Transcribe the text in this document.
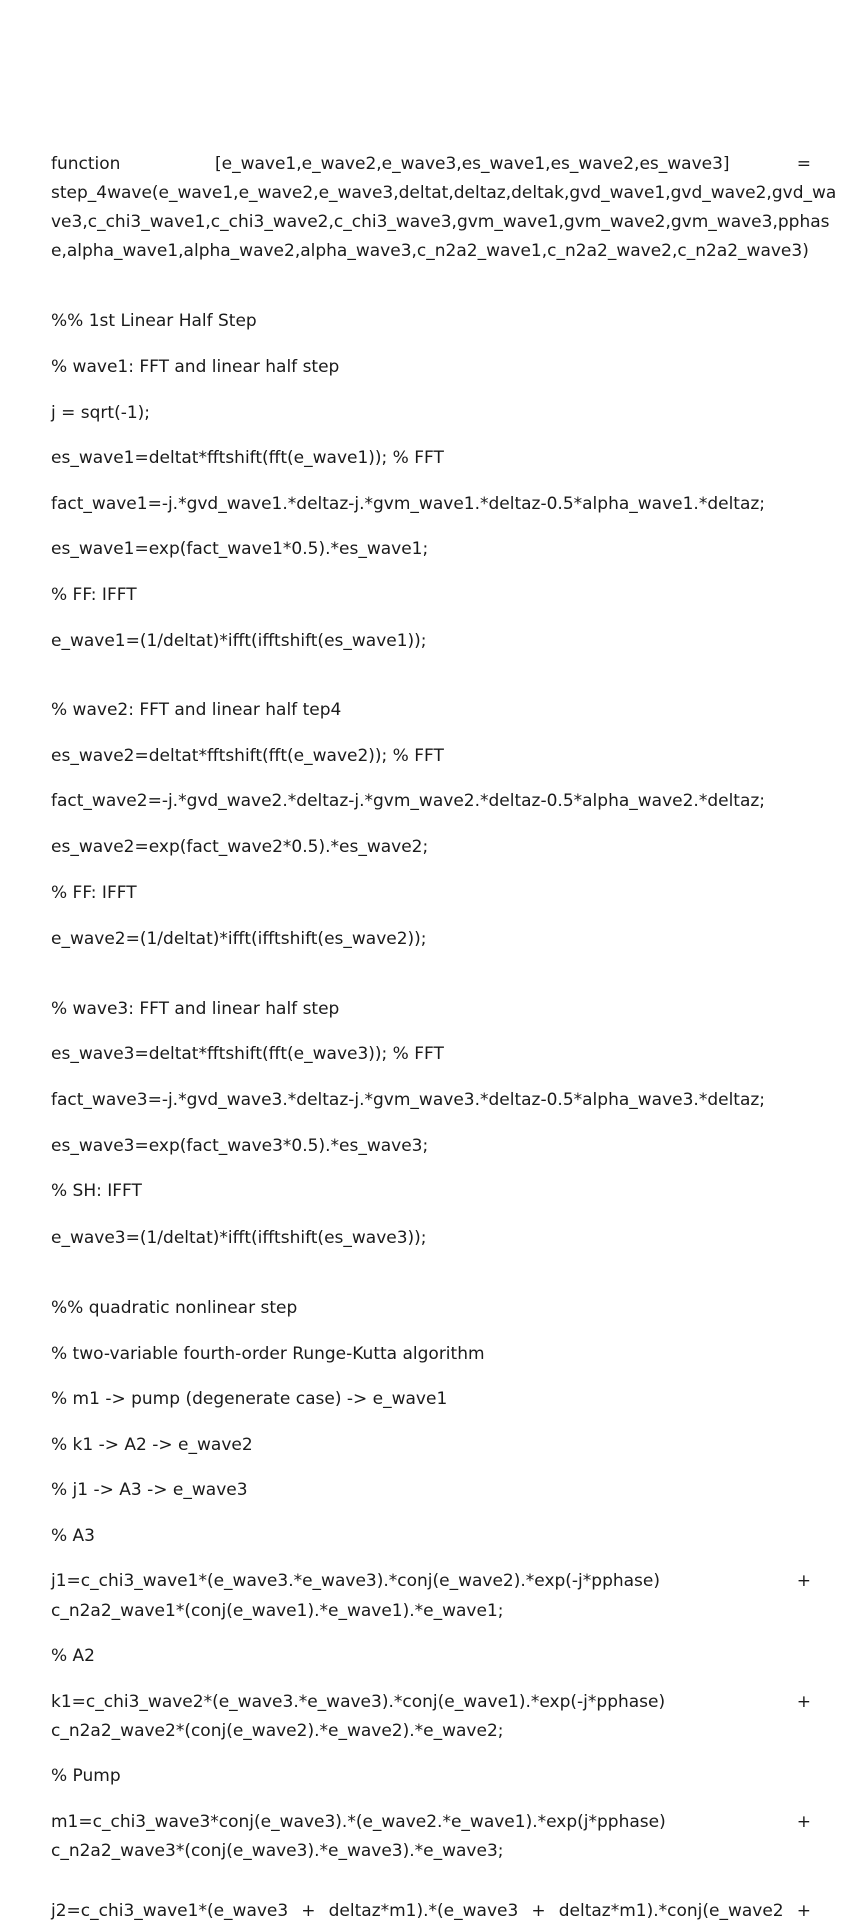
function	[e_wave1,e_wave2,e_wave3,es_wave1,es_wave2,es_wave3]	=
step_4wave(e_wave1,e_wave2,e_wave3,deltat,deltaz,deltak,gvd_wave1,gvd_wave2,gvd_wa
ve3,c_chi3_wave1,c_chi3_wave2,c_chi3_wave3,gvm_wave1,gvm_wave2,gvm_wave3,pphas
e,alpha_wave1,alpha_wave2,alpha_wave3,c_n2a2_wave1,c_n2a2_wave2,c_n2a2_wave3)
%% 1st Linear Half Step
% wave1: FFT and linear half step
j = sqrt(-1);
es_wave1=deltat*fftshift(fft(e_wave1)); % FFT
fact_wave1=-j.*gvd_wave1.*deltaz-j.*gvm_wave1.*deltaz-0.5*alpha_wave1.*deltaz;
es_wave1=exp(fact_wave1*0.5).*es_wave1;
% FF: IFFT
e_wave1=(1/deltat)*ifft(ifftshift(es_wave1));
% wave2: FFT and linear half tep4
es_wave2=deltat*fftshift(fft(e_wave2)); % FFT
fact_wave2=-j.*gvd_wave2.*deltaz-j.*gvm_wave2.*deltaz-0.5*alpha_wave2.*deltaz;
es_wave2=exp(fact_wave2*0.5).*es_wave2;
% FF: IFFT
e_wave2=(1/deltat)*ifft(ifftshift(es_wave2));
% wave3: FFT and linear half step
es_wave3=deltat*fftshift(fft(e_wave3)); % FFT
fact_wave3=-j.*gvd_wave3.*deltaz-j.*gvm_wave3.*deltaz-0.5*alpha_wave3.*deltaz;
es_wave3=exp(fact_wave3*0.5).*es_wave3;
% SH: IFFT
e_wave3=(1/deltat)*ifft(ifftshift(es_wave3));
%% quadratic nonlinear step
% two-variable fourth-order Runge-Kutta algorithm
% m1 -> pump (degenerate case) -> e_wave1
% k1 -> A2 -> e_wave2
% j1 -> A3 -> e_wave3
% A3
j1=c_chi3_wave1*(e_wave3.*e_wave3).*conj(e_wave2).*exp(-j*pphase)	+
c_n2a2_wave1*(conj(e_wave1).*e_wave1).*e_wave1;
% A2
k1=c_chi3_wave2*(e_wave3.*e_wave3).*conj(e_wave1).*exp(-j*pphase)	+
c_n2a2_wave2*(conj(e_wave2).*e_wave2).*e_wave2;
% Pump
m1=c_chi3_wave3*conj(e_wave3).*(e_wave2.*e_wave1).*exp(j*pphase)	+
c_n2a2_wave3*(conj(e_wave3).*e_wave3).*e_wave3;
j2=c_chi3_wave1*(e_wave3 + deltaz*m1).*(e_wave3 + deltaz*m1).*conj(e_wave2 +
